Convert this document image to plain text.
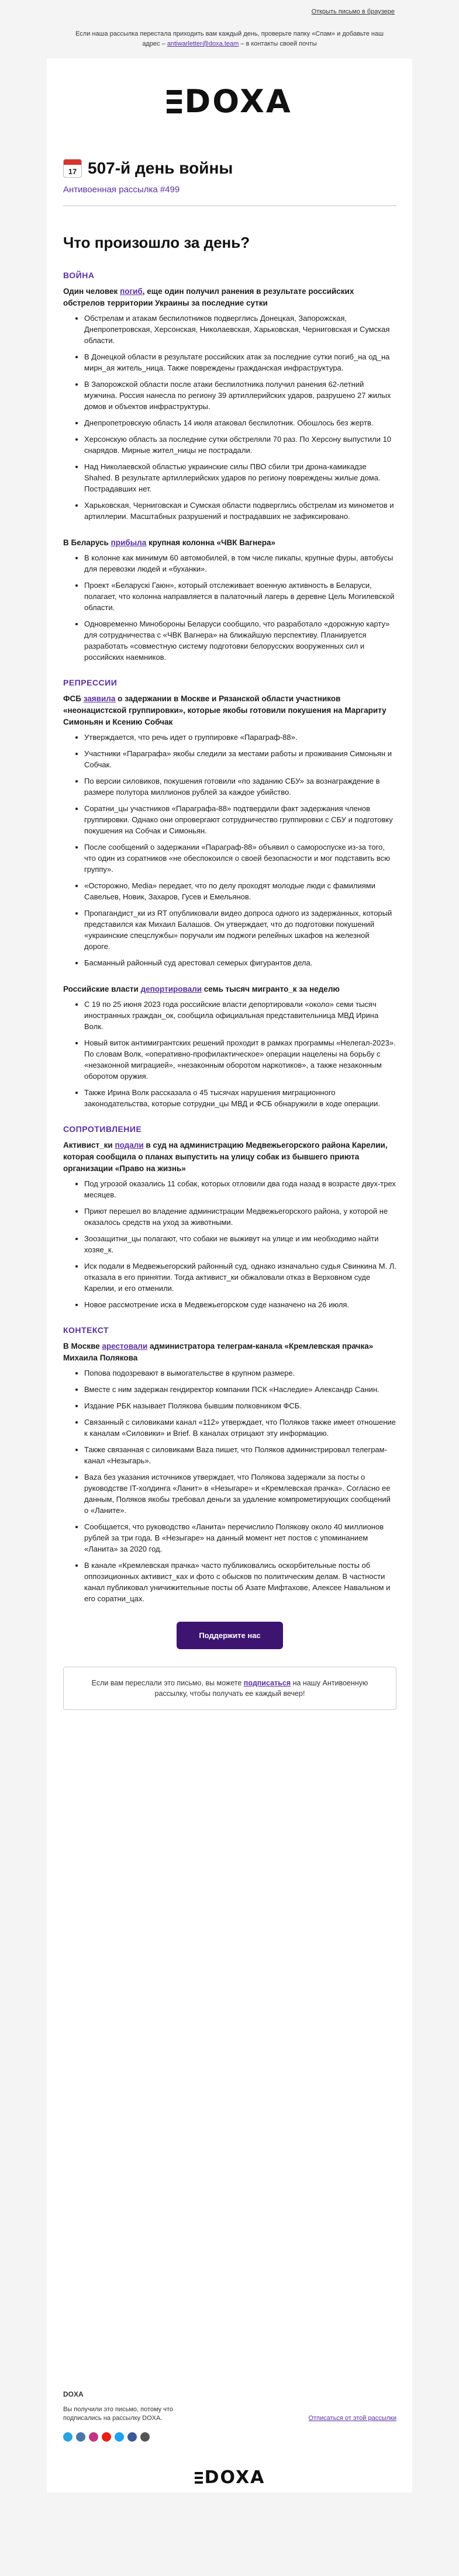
Открыть письмо в браузере
Если наша рассылка перестала приходить вам каждый день, проверьте папку «Спам» и добавьте наш адрес – antiwarletter@doxa.team – в контакты своей почты
DOXA
17 507-й день войны
Антивоенная рассылка #499
Что произошло за день?
ВОЙНА

Один человек погиб, еще один получил ранения в результате российских обстрелов территории Украины за последние сутки

• Обстрелам и атакам беспилотников подверглись Донецкая, Запорожская, Днепропетровская, Херсонская, Николаевская, Харьковская, Черниговская и Сумская области.
• В Донецкой области в результате российских атак за последние сутки погиб_на од_на мирн_ая житель_ница. Также повреждены гражданская инфраструктура.
• В Запорожской области после атаки беспилотника получил ранения 62-летний мужчина. Россия нанесла по региону 39 артиллерийских ударов, разрушено 27 жилых домов и объектов инфраструктуры.
• Днепропетровскую область 14 июля атаковал беспилотник. Обошлось без жертв.
• Херсонскую область за последние сутки обстреляли 70 раз. По Херсону выпустили 10 снарядов. Мирные жител_ницы не пострадали.
• Над Николаевской областью украинские силы ПВО сбили три дрона-камикадзе Shahed. В результате артиллерийских ударов по региону повреждены жилые дома. Пострадавших нет.
• Харьковская, Черниговская и Сумская области подверглись обстрелам из минометов и артиллерии. Масштабных разрушений и пострадавших не зафиксировано.

В Беларусь прибыла крупная колонна «ЧВК Вагнера»

• В колонне как минимум 60 автомобилей, в том числе пикапы, крупные фуры, автобусы для перевозки людей и «буханки».
• Проект «Беларускi Гаюн», который отслеживает военную активность в Беларуси, полагает, что колонна направляется в палаточный лагерь в деревне Цель Могилевской области.
• Одновременно Минобороны Беларуси сообщило, что разработало «дорожную карту» для сотрудничества с «ЧВК Вагнера» на ближайшую перспективу. Планируется разработать «совместную систему подготовки белорусских вооруженных сил и российских наемников.
РЕПРЕССИИ

ФСБ заявила о задержании в Москве и Рязанской области участников «неонацистской группировки», которые якобы готовили покушения на Маргариту Симоньян и Ксению Собчак

• Утверждается, что речь идет о группировке «Параграф-88».
• Участники «Параграфа» якобы следили за местами работы и проживания Симоньян и Собчак.
• По версии силовиков, покушения готовили «по заданию СБУ» за вознаграждение в размере полутора миллионов рублей за каждое убийство.
• Соратни_цы участников «Параграфа-88» подтвердили факт задержания членов группировки. Однако они опровергают сотрудничество группировки с СБУ и подготовку покушения на Собчак и Симоньян.
• После сообщений о задержании «Параграф-88» объявил о самороспуске из-за того, что один из соратников «не обеспокоился о своей безопасности и мог подставить всю группу».
• «Осторожно, Media» передает, что по делу проходят молодые люди с фамилиями Савельев, Новик, Захаров, Гусев и Емельянов.
• Пропагандист_ки из RT опубликовали видео допроса одного из задержанных, который представился как Михаил Балашов. Он утверждает, что до подготовки покушений «украинские спецслужбы» поручали им поджоги релейных шкафов на железной дороге.
• Басманный районный суд арестовал семерых фигурантов дела.

Российские власти депортировали семь тысяч мигранто_к за неделю

• С 19 по 25 июня 2023 года российские власти депортировали «около» семи тысяч иностранных граждан_ок, сообщила официальная представительница МВД Ирина Волк.
• Новый виток антимигрантских решений проходит в рамках программы «Нелегал-2023». По словам Волк, «оперативно-профилактическое» операции нацелены на борьбу с «незаконной миграцией», «незаконным оборотом наркотиков», а также незаконным оборотом оружия.
• Также Ирина Волк рассказала о 45 тысячах нарушения миграционного законодательства, которые сотрудни_цы МВД и ФСБ обнаружили в ходе операции.
СОПРОТИВЛЕНИЕ

Активист_ки подали в суд на администрацию Медвежьегорского района Карелии, которая сообщила о планах выпустить на улицу собак из бывшего приюта организации «Право на жизнь»

• Под угрозой оказались 11 собак, которых отловили два года назад в возрасте двух-трех месяцев.
• Приют перешел во владение администрации Медвежьегорского района, у которой не оказалось средств на уход за животными.
• Зоозащитни_цы полагают, что собаки не выживут на улице и им необходимо найти хозяе_к.
• Иск подали в Медвежьегорский районный суд, однако изначально судья Свинкина М. Л. отказала в его принятии. Тогда активист_ки обжаловали отказ в Верховном суде Карелии, и его отменили.
• Новое рассмотрение иска в Медвежьегорском суде назначено на 26 июля.
КОНТЕКСТ

В Москве арестовали администратора телеграм-канала «Кремлевская прачка» Михаила Полякова

• Попова подозревают в вымогательстве в крупном размере.
• Вместе с ним задержан гендиректор компании ПСК «Наследие» Александр Санин.
• Издание РБК называет Полякова бывшим полковником ФСБ.
• Связанный с силовиками канал «112» утверждает, что Поляков также имеет отношение к каналам «Силовики» и Brief. В каналах отрицают эту информацию.
• Также связанная с силовиками Baza пишет, что Поляков администрировал телеграм-канал «Незыгарь».
• Baza без указания источников утверждает, что Полякова задержали за посты о руководстве IT-холдинга «Ланит» в «Незыгаре» и «Кремлевская прачка». Согласно ее данным, Поляков якобы требовал деньги за удаление компрометирующих сообщений о «Ланите».
• Сообщается, что руководство «Ланита» перечислило Полякову около 40 миллионов рублей за три года. В «Незыгаре» на данный момент нет постов с упоминанием «Ланита» за 2020 год.
• В канале «Кремлевская прачка» часто публиковались оскорбительные посты об оппозиционных активист_ках и фото с обысков по политическим делам. В частности канал публиковал уничижительные посты об Азате Мифтахове, Алексее Навальном и его соратни_цах.
Поддержите нас
Если вам переслали это письмо, вы можете подписаться на нашу Антивоенную рассылку, чтобы получать ее каждый вечер!
DOXA
Вы получили это письмо, потому что подписались на рассылку DOXA.	Отписаться от этой рассылки
DOXA
